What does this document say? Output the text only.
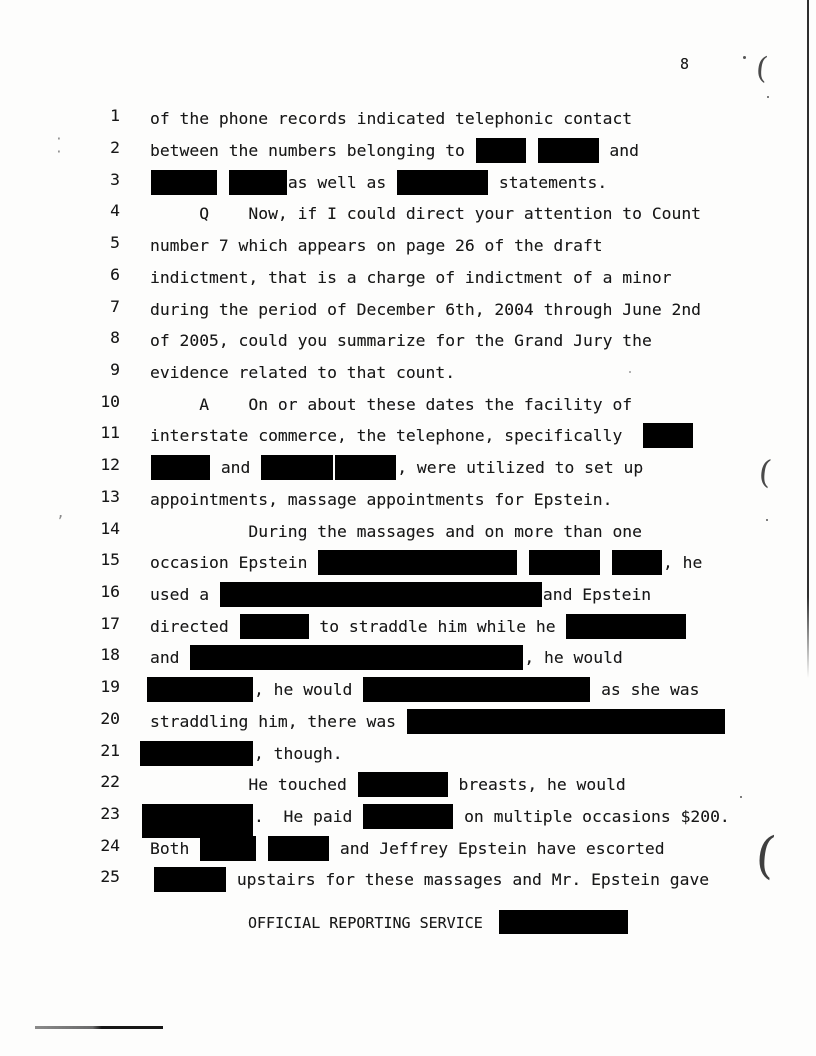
8
1 of the phone records indicated telephonic contact
2 between the numbers belonging to	and
3	as well as	statements.
4 Q    Now, if I could direct your attention to Count
5 number 7 which appears on page 26 of the draft
6 indictment, that is a charge of indictment of a minor
7 during the period of December 6th, 2004 through June 2nd
8 of 2005, could you summarize for the Grand Jury the
9 evidence related to that count.
10 A    On or about these dates the facility of
11 interstate commerce, the telephone, specifically
12	and	, were utilized to set up
13 appointments, massage appointments for Epstein.
14 During the massages and on more than one
15 occasion Epstein	, he
16 used a	and Epstein
17 directed	to straddle him while he
18 and	, he would
19	, he would	as she was
20 straddling him, there was
21	, though.
22 He touched	breasts, he would
23	.  He paid	on multiple occasions $200.
24 Both	and Jeffrey Epstein have escorted
25	upstairs for these massages and Mr. Epstein gave
OFFICIAL REPORTING SERVICE
(
(
(
·
·
’
